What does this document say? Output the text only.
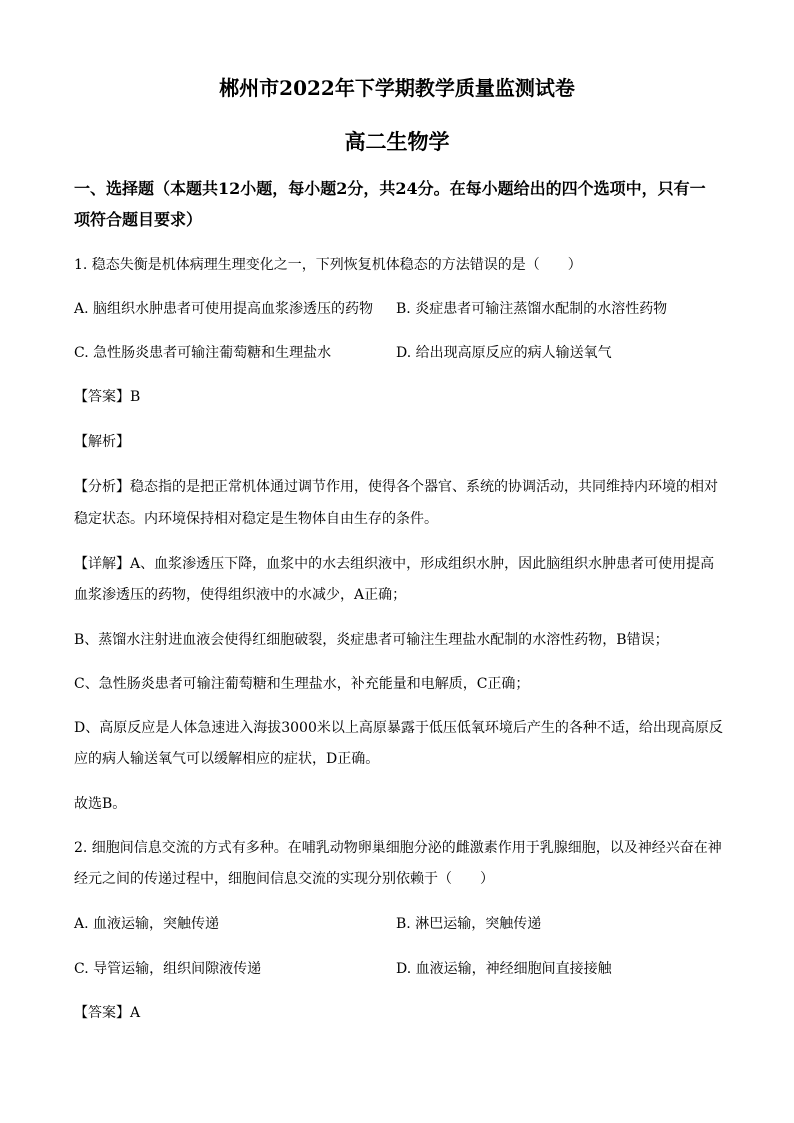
郴州市2022年下学期教学质量监测试卷
高二生物学
一、选择题（本题共12小题，每小题2分，共24分。在每小题给出的四个选项中，只有一
项符合题目要求）
1. 稳态失衡是机体病理生理变化之一，下列恢复机体稳态的方法错误的是（　　）
A. 脑组织水肿患者可使用提高血浆渗透压的药物 B. 炎症患者可输注蒸馏水配制的水溶性药物
C. 急性肠炎患者可输注葡萄糖和生理盐水	D. 给出现高原反应的病人输送氧气
【答案】B
【解析】
【分析】稳态指的是把正常机体通过调节作用，使得各个器官、系统的协调活动，共同维持内环境的相对
稳定状态。内环境保持相对稳定是生物体自由生存的条件。
【详解】A、血浆渗透压下降，血浆中的水去组织液中，形成组织水肿，因此脑组织水肿患者可使用提高
血浆渗透压的药物，使得组织液中的水减少，A正确；
B、蒸馏水注射进血液会使得红细胞破裂，炎症患者可输注生理盐水配制的水溶性药物，B错误；
C、急性肠炎患者可输注葡萄糖和生理盐水，补充能量和电解质，C正确；
D、高原反应是人体急速进入海拔3000米以上高原暴露于低压低氧环境后产生的各种不适，给出现高原反
应的病人输送氧气可以缓解相应的症状，D正确。
故选B。
2. 细胞间信息交流的方式有多种。在哺乳动物卵巢细胞分泌的雌激素作用于乳腺细胞，以及神经兴奋在神
经元之间的传递过程中，细胞间信息交流的实现分别依赖于（　　）
A. 血液运输，突触传递	B. 淋巴运输，突触传递
C. 导管运输，组织间隙液传递	D. 血液运输，神经细胞间直接接触
【答案】A
